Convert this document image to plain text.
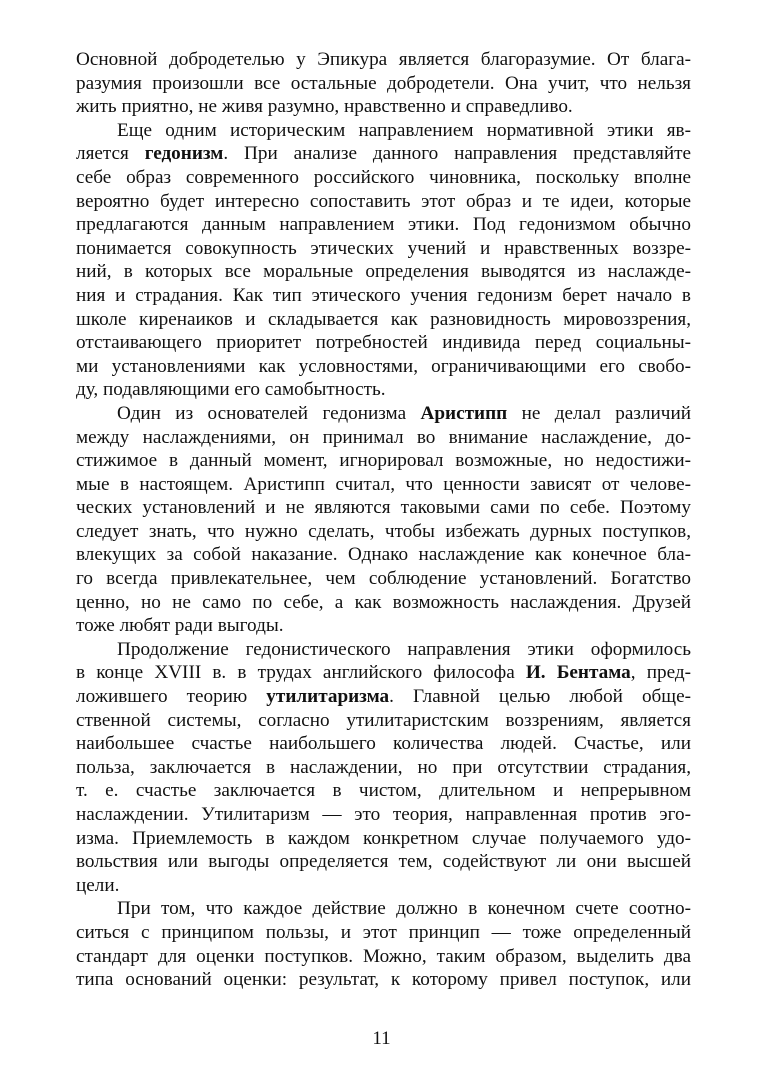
Основной добродетелью у Эпикура является благоразумие. От блага-
разумия произошли все остальные добродетели. Она учит, что нельзя
жить приятно, не живя разумно, нравственно и справедливо.
Еще одним историческим направлением нормативной этики яв-
ляется гедонизм. При анализе данного направления представляйте
себе образ современного российского чиновника, поскольку вполне
вероятно будет интересно сопоставить этот образ и те идеи, которые
предлагаются данным направлением этики. Под гедонизмом обычно
понимается совокупность этических учений и нравственных воззре-
ний, в которых все моральные определения выводятся из наслажде-
ния и страдания. Как тип этического учения гедонизм берет начало в
школе киренаиков и складывается как разновидность мировоззрения,
отстаивающего приоритет потребностей индивида перед социальны-
ми установлениями как условностями, ограничивающими его свобо-
ду, подавляющими его самобытность.
Один из основателей гедонизма Аристипп не делал различий
между наслаждениями, он принимал во внимание наслаждение, до-
стижимое в данный момент, игнорировал возможные, но недостижи-
мые в настоящем. Аристипп считал, что ценности зависят от челове-
ческих установлений и не являются таковыми сами по себе. Поэтому
следует знать, что нужно сделать, чтобы избежать дурных поступков,
влекущих за собой наказание. Однако наслаждение как конечное бла-
го всегда привлекательнее, чем соблюдение установлений. Богатство
ценно, но не само по себе, а как возможность наслаждения. Друзей
тоже любят ради выгоды.
Продолжение гедонистического направления этики оформилось
в конце XVIII в. в трудах английского философа И. Бентама, пред-
ложившего теорию утилитаризма. Главной целью любой обще-
ственной системы, согласно утилитаристским воззрениям, является
наибольшее счастье наибольшего количества людей. Счастье, или
польза, заключается в наслаждении, но при отсутствии страдания,
т. е. счастье заключается в чистом, длительном и непрерывном
наслаждении. Утилитаризм — это теория, направленная против эго-
изма. Приемлемость в каждом конкретном случае получаемого удо-
вольствия или выгоды определяется тем, содействуют ли они высшей
цели.
При том, что каждое действие должно в конечном счете соотно-
ситься с принципом пользы, и этот принцип — тоже определенный
стандарт для оценки поступков. Можно, таким образом, выделить два
типа оснований оценки: результат, к которому привел поступок, или
11
